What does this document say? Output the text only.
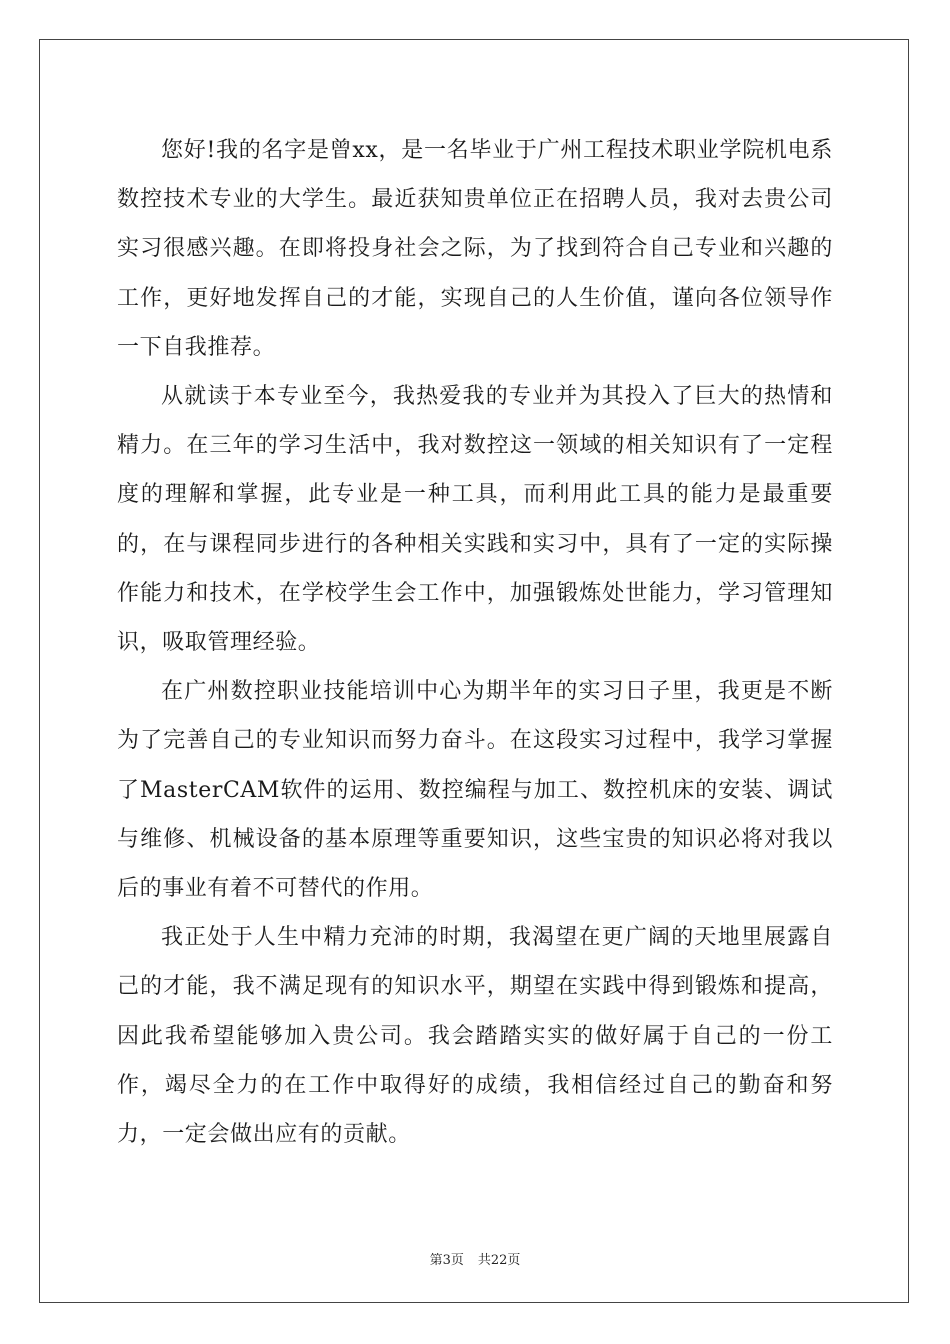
您好!我的名字是曾xx，是一名毕业于广州工程技术职业学院机电系数控技术专业的大学生。最近获知贵单位正在招聘人员，我对去贵公司实习很感兴趣。在即将投身社会之际，为了找到符合自己专业和兴趣的工作，更好地发挥自己的才能，实现自己的人生价值，谨向各位领导作一下自我推荐。

从就读于本专业至今，我热爱我的专业并为其投入了巨大的热情和精力。在三年的学习生活中，我对数控这一领域的相关知识有了一定程度的理解和掌握，此专业是一种工具，而利用此工具的能力是最重要的，在与课程同步进行的各种相关实践和实习中，具有了一定的实际操作能力和技术，在学校学生会工作中，加强锻炼处世能力，学习管理知识，吸取管理经验。

在广州数控职业技能培训中心为期半年的实习日子里，我更是不断为了完善自己的专业知识而努力奋斗。在这段实习过程中，我学习掌握了MasterCAM软件的运用、数控编程与加工、数控机床的安装、调试与维修、机械设备的基本原理等重要知识，这些宝贵的知识必将对我以后的事业有着不可替代的作用。

我正处于人生中精力充沛的时期，我渴望在更广阔的天地里展露自己的才能，我不满足现有的知识水平，期望在实践中得到锻炼和提高，因此我希望能够加入贵公司。我会踏踏实实的做好属于自己的一份工作，竭尽全力的在工作中取得好的成绩，我相信经过自己的勤奋和努力，一定会做出应有的贡献。

第3页 共22页
